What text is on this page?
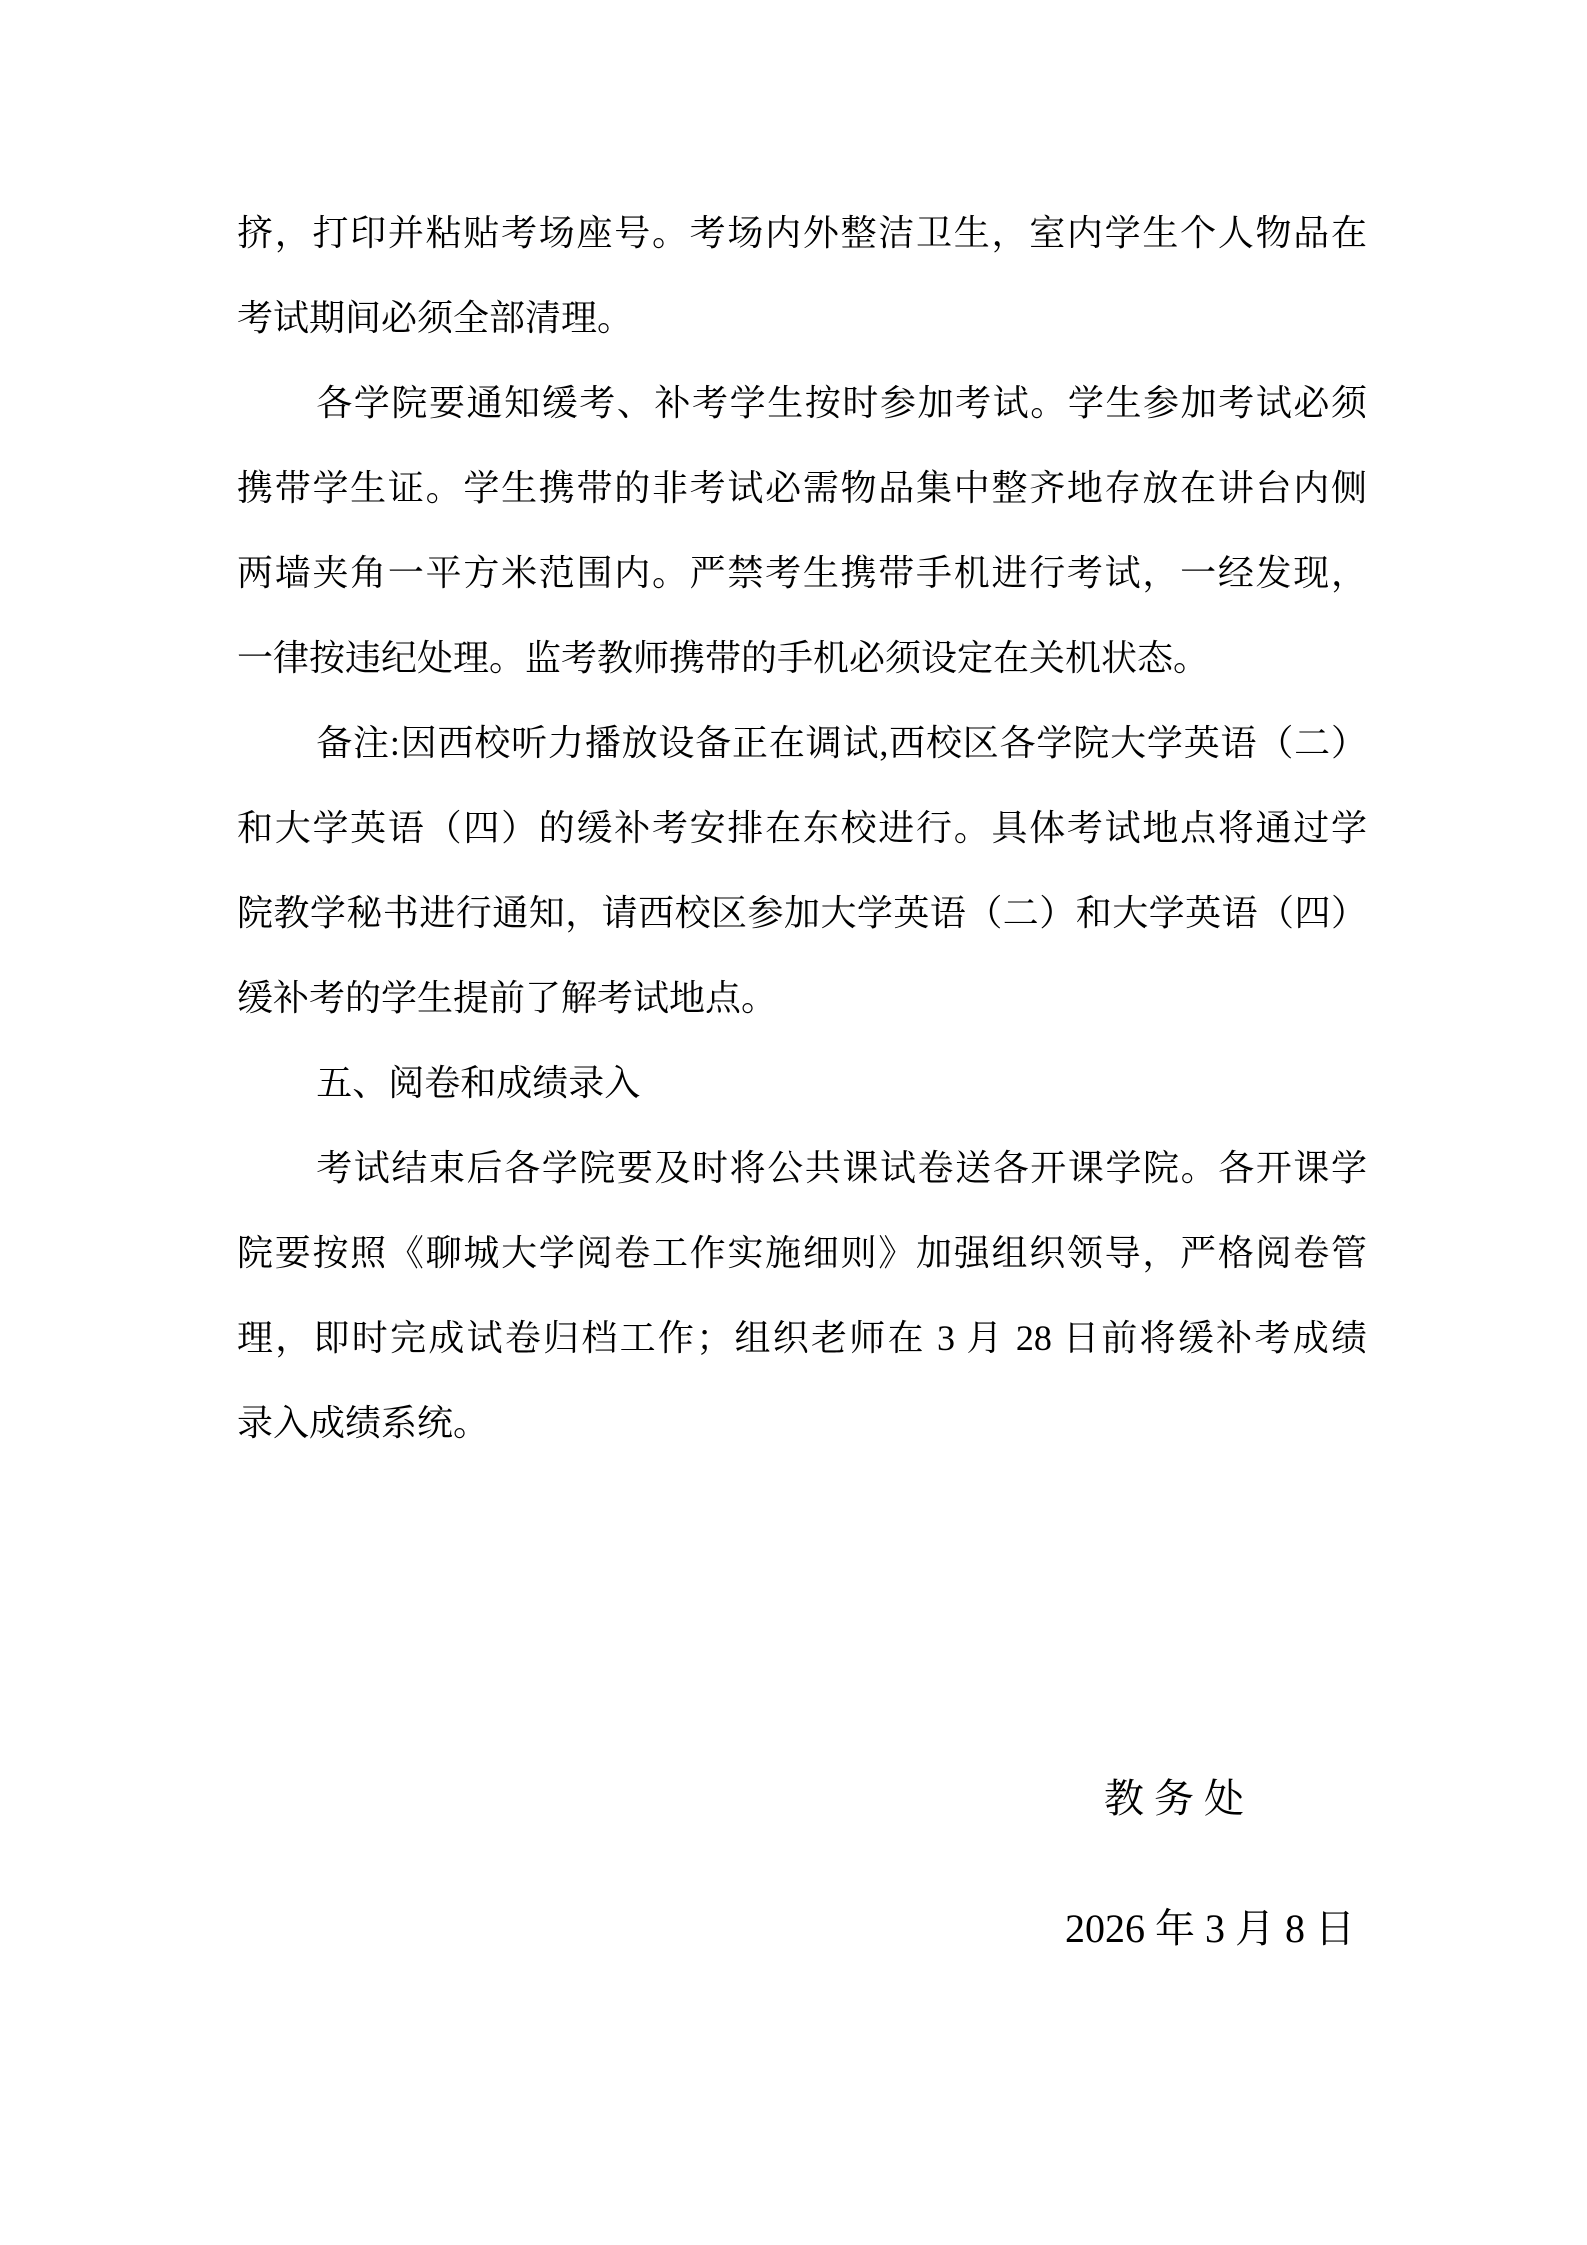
挤，打印并粘贴考场座号。考场内外整洁卫生，室内学生个人物品在
考试期间必须全部清理。
各学院要通知缓考、补考学生按时参加考试。学生参加考试必须
携带学生证。学生携带的非考试必需物品集中整齐地存放在讲台内侧
两墙夹角一平方米范围内。严禁考生携带手机进行考试，一经发现，
一律按违纪处理。监考教师携带的手机必须设定在关机状态。
备注:因西校听力播放设备正在调试,西校区各学院大学英语（二）
和大学英语（四）的缓补考安排在东校进行。具体考试地点将通过学
院教学秘书进行通知，请西校区参加大学英语（二）和大学英语（四）
缓补考的学生提前了解考试地点。
五、阅卷和成绩录入
考试结束后各学院要及时将公共课试卷送各开课学院。各开课学
院要按照《聊城大学阅卷工作实施细则》加强组织领导，严格阅卷管
理，即时完成试卷归档工作；组织老师在 3 月 28 日前将缓补考成绩
录入成绩系统。
教 务 处
2026 年 3 月 8 日
